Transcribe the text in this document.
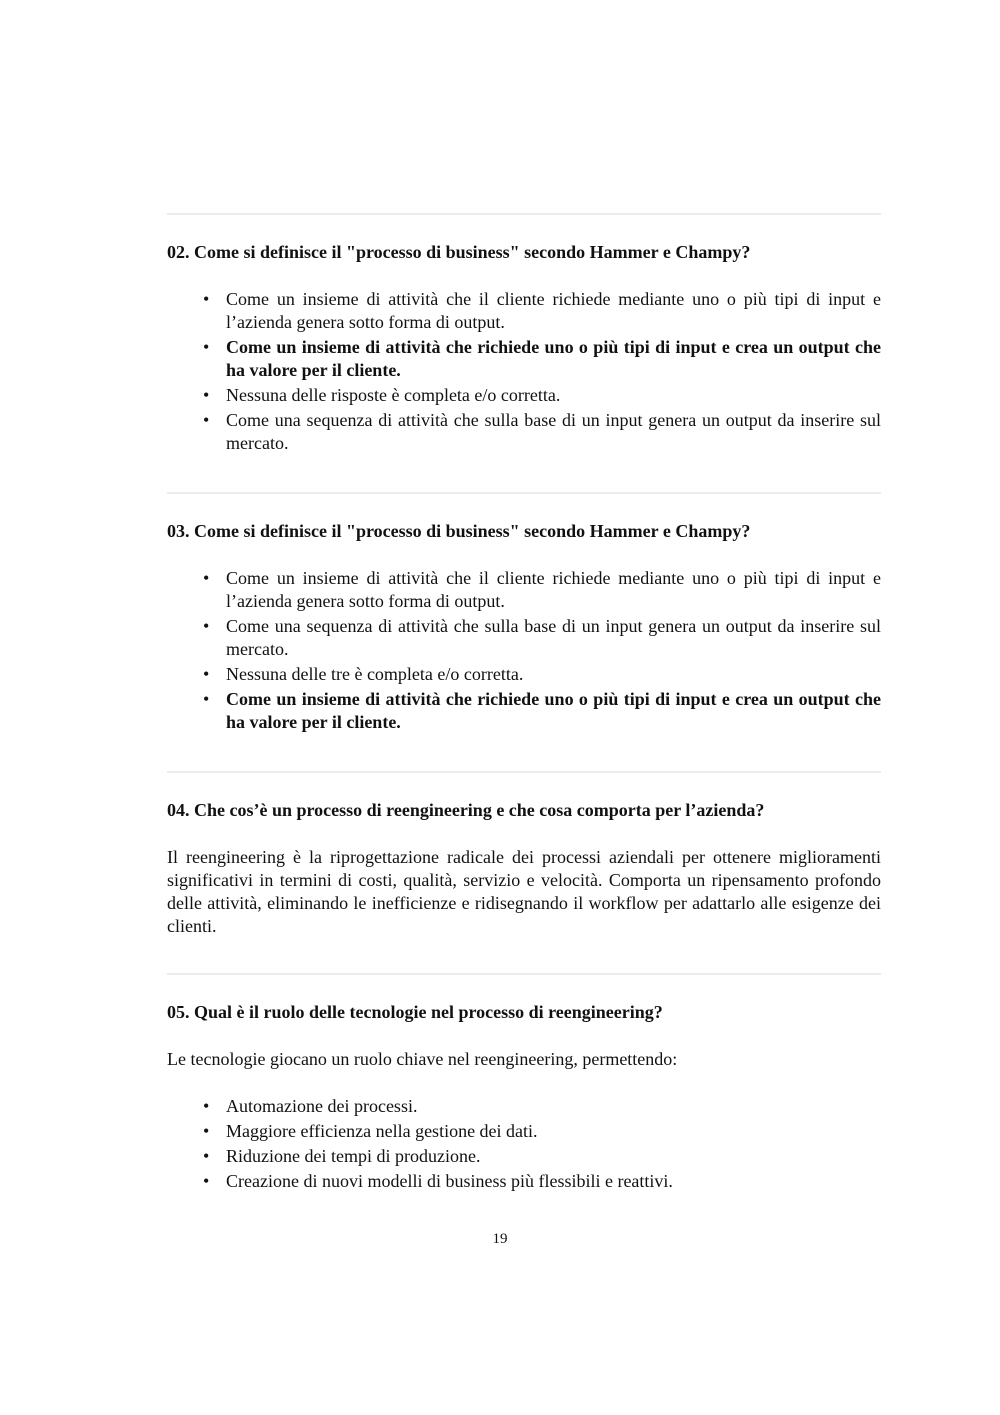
02. Come si definisce il "processo di business" secondo Hammer e Champy?

• Come un insieme di attività che il cliente richiede mediante uno o più tipi di input e l’azienda genera sotto forma di output.
• Come un insieme di attività che richiede uno o più tipi di input e crea un output che ha valore per il cliente.
• Nessuna delle risposte è completa e/o corretta.
• Come una sequenza di attività che sulla base di un input genera un output da inserire sul mercato.

03. Come si definisce il "processo di business" secondo Hammer e Champy?

• Come un insieme di attività che il cliente richiede mediante uno o più tipi di input e l’azienda genera sotto forma di output.
• Come una sequenza di attività che sulla base di un input genera un output da inserire sul mercato.
• Nessuna delle tre è completa e/o corretta.
• Come un insieme di attività che richiede uno o più tipi di input e crea un output che ha valore per il cliente.

04. Che cos’è un processo di reengineering e che cosa comporta per l’azienda?

Il reengineering è la riprogettazione radicale dei processi aziendali per ottenere miglioramenti significativi in termini di costi, qualità, servizio e velocità. Comporta un ripensamento profondo delle attività, eliminando le inefficienze e ridisegnando il workflow per adattarlo alle esigenze dei clienti.

05. Qual è il ruolo delle tecnologie nel processo di reengineering?

Le tecnologie giocano un ruolo chiave nel reengineering, permettendo:

• Automazione dei processi.
• Maggiore efficienza nella gestione dei dati.
• Riduzione dei tempi di produzione.
• Creazione di nuovi modelli di business più flessibili e reattivi.
19
